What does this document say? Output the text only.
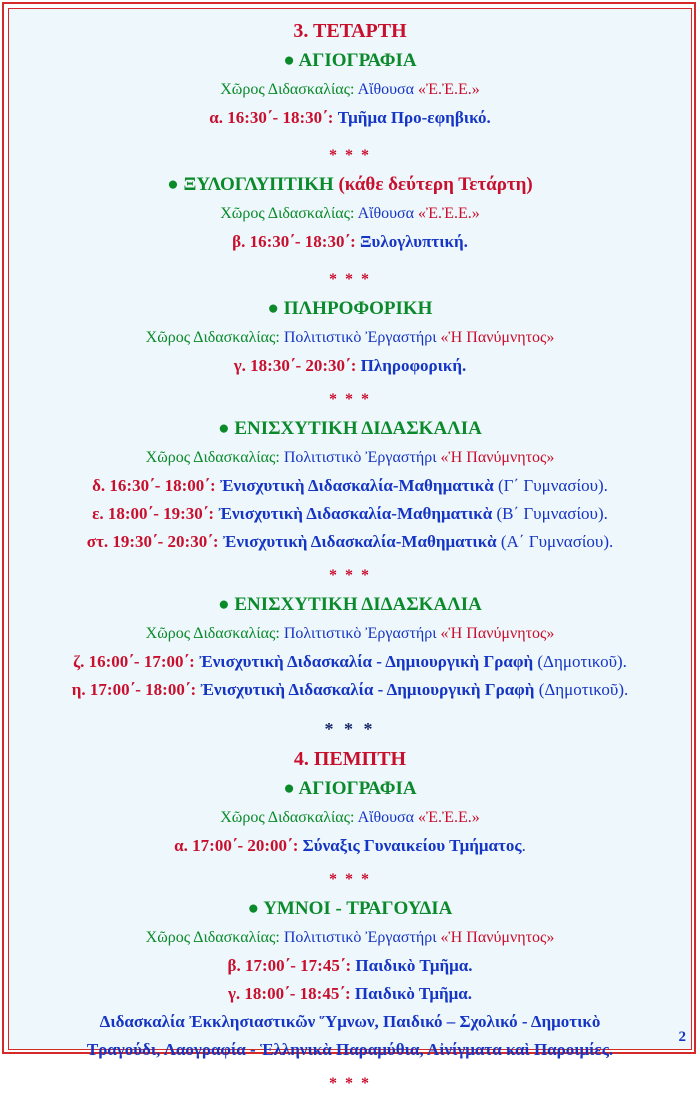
3. ΤΕΤΑΡΤΗ
● ΑΓΙΟΓΡΑΦΙΑ
Χῶρος Διδασκαλίας: Αἴθουσα «Ἐ.Ἐ.Ε.»
α. 16:30΄- 18:30΄: Τμῆμα Προ-εφηβικό.
* * *
● ΞΥΛΟΓΛΥΠΤΙΚΗ (κάθε δεύτερη Τετάρτη)
Χῶρος Διδασκαλίας: Αἴθουσα «Ἐ.Ἐ.Ε.»
β. 16:30΄- 18:30΄: Ξυλογλυπτική.
* * *
● ΠΛΗΡΟΦΟΡΙΚΗ
Χῶρος Διδασκαλίας: Πολιτιστικὸ Ἐργαστήρι «Ἡ Πανύμνητος»
γ. 18:30΄- 20:30΄: Πληροφορική.
* * *
● ΕΝΙΣΧΥΤΙΚΗ ΔΙΔΑΣΚΑΛΙΑ
Χῶρος Διδασκαλίας: Πολιτιστικὸ Ἐργαστήρι «Ἡ Πανύμνητος»
δ. 16:30΄- 18:00΄: Ἐνισχυτικὴ Διδασκαλία-Μαθηματικὰ (Γ΄ Γυμνασίου).
ε. 18:00΄- 19:30΄: Ἐνισχυτικὴ Διδασκαλία-Μαθηματικὰ (Β΄ Γυμνασίου).
στ. 19:30΄- 20:30΄: Ἐνισχυτικὴ Διδασκαλία-Μαθηματικὰ (Α΄ Γυμνασίου).
* * *
● ΕΝΙΣΧΥΤΙΚΗ ΔΙΔΑΣΚΑΛΙΑ
Χῶρος Διδασκαλίας: Πολιτιστικὸ Ἐργαστήρι «Ἡ Πανύμνητος»
ζ. 16:00΄- 17:00΄: Ἐνισχυτικὴ Διδασκαλία - Δημιουργικὴ Γραφὴ (Δημοτικοῦ).
η. 17:00΄- 18:00΄: Ἐνισχυτικὴ Διδασκαλία - Δημιουργικὴ Γραφὴ (Δημοτικοῦ).
* * *
4. ΠΕΜΠΤΗ
● ΑΓΙΟΓΡΑΦΙΑ
Χῶρος Διδασκαλίας: Αἴθουσα «Ἐ.Ἐ.Ε.»
α. 17:00΄- 20:00΄: Σύναξις Γυναικείου Τμήματος.
* * *
● ΥΜΝΟΙ - ΤΡΑΓΟΥΔΙΑ
Χῶρος Διδασκαλίας: Πολιτιστικὸ Ἐργαστήρι «Ἡ Πανύμνητος»
β. 17:00΄- 17:45΄: Παιδικὸ Τμῆμα.
γ. 18:00΄- 18:45΄: Παιδικὸ Τμῆμα.
Διδασκαλία Ἐκκλησιαστικῶν Ὕμνων, Παιδικό – Σχολικό - Δημοτικὸ
Τραγούδι, Λαογραφία - Ἑλληνικὰ Παραμύθια, Αἰνίγματα καὶ Παροιμίες.
* * *
2
